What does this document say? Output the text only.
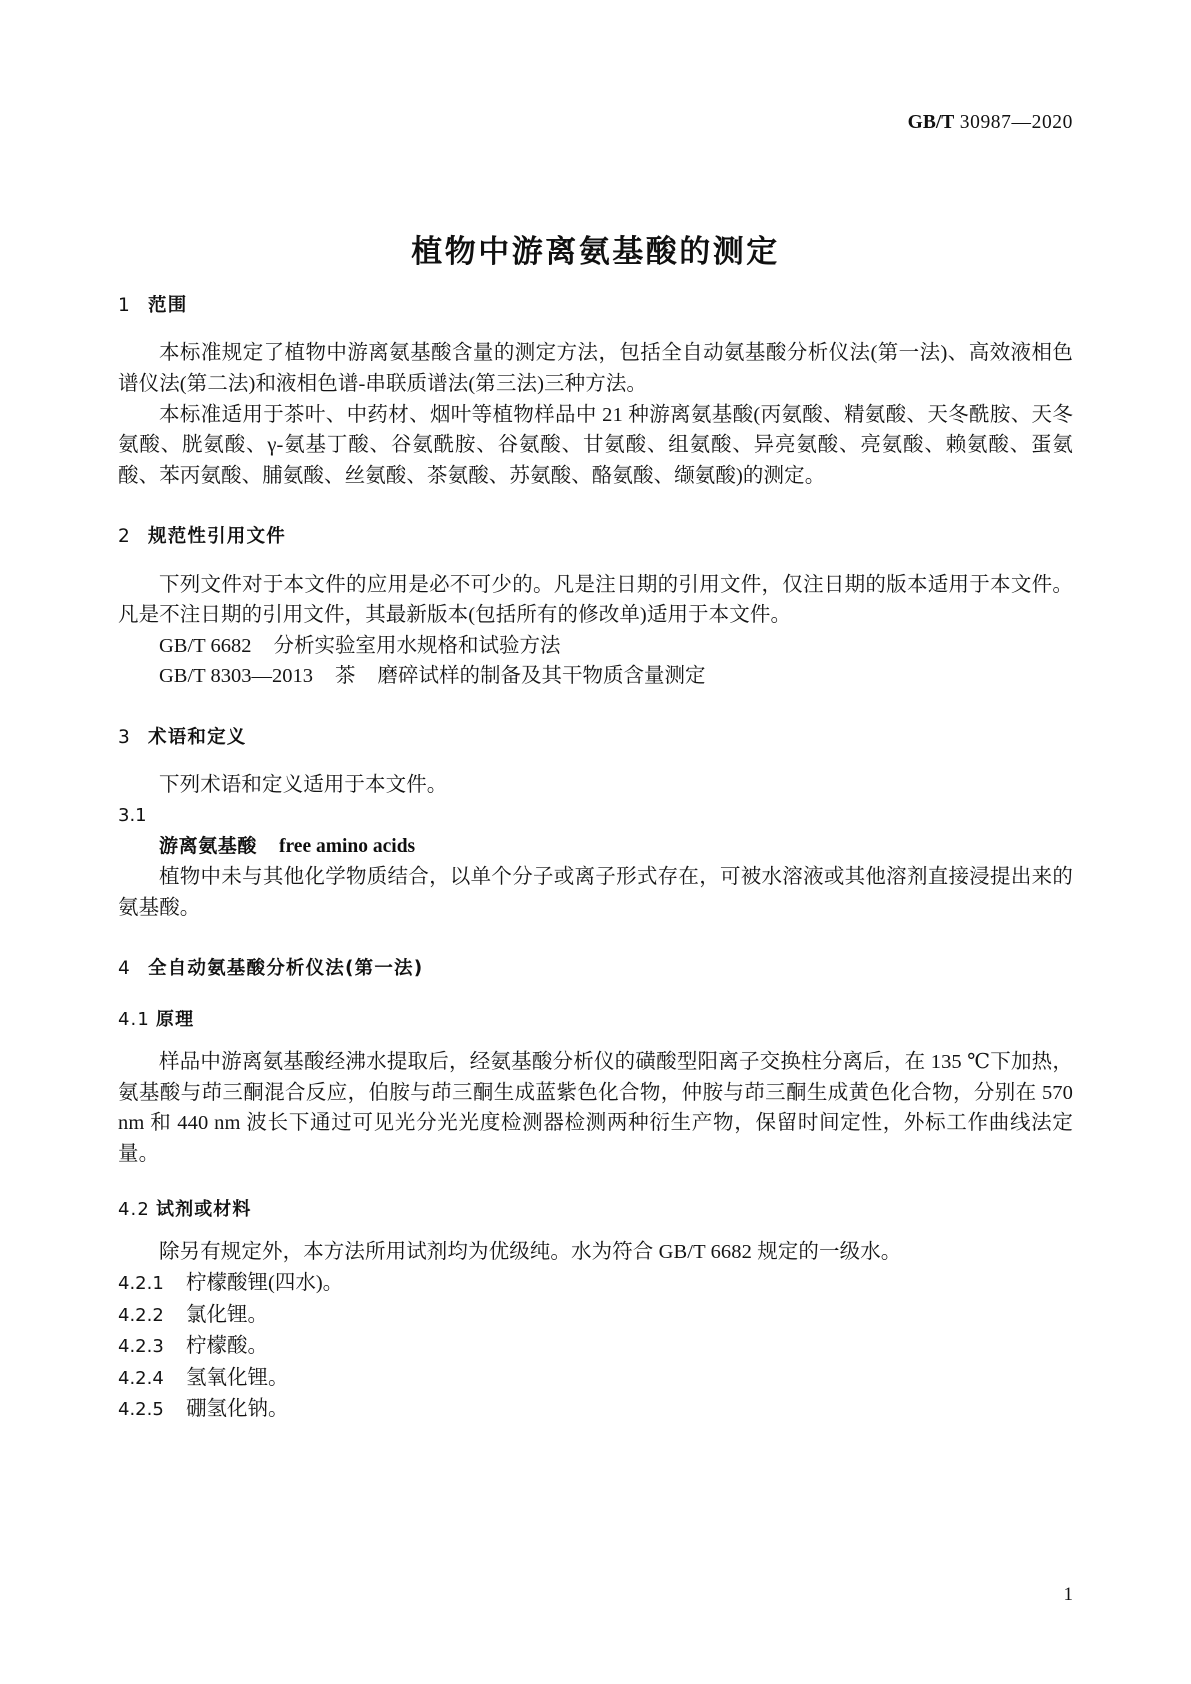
GB/T 30987—2020
植物中游离氨基酸的测定
1 范围

本标准规定了植物中游离氨基酸含量的测定方法，包括全自动氨基酸分析仪法(第一法)、高效液相色谱仪法(第二法)和液相色谱-串联质谱法(第三法)三种方法。

本标准适用于茶叶、中药材、烟叶等植物样品中 21 种游离氨基酸(丙氨酸、精氨酸、天冬酰胺、天冬氨酸、胱氨酸、γ-氨基丁酸、谷氨酰胺、谷氨酸、甘氨酸、组氨酸、异亮氨酸、亮氨酸、赖氨酸、蛋氨酸、苯丙氨酸、脯氨酸、丝氨酸、茶氨酸、苏氨酸、酪氨酸、缬氨酸)的测定。

2 规范性引用文件

下列文件对于本文件的应用是必不可少的。凡是注日期的引用文件，仅注日期的版本适用于本文件。凡是不注日期的引用文件，其最新版本(包括所有的修改单)适用于本文件。

GB/T 6682 分析实验室用水规格和试验方法

GB/T 8303—2013 茶 磨碎试样的制备及其干物质含量测定

3 术语和定义

下列术语和定义适用于本文件。

3.1

游离氨基酸 free amino acids

植物中未与其他化学物质结合，以单个分子或离子形式存在，可被水溶液或其他溶剂直接浸提出来的氨基酸。

4 全自动氨基酸分析仪法(第一法)
4.1 原理

样品中游离氨基酸经沸水提取后，经氨基酸分析仪的磺酸型阳离子交换柱分离后，在 135 ℃下加热，氨基酸与茚三酮混合反应，伯胺与茚三酮生成蓝紫色化合物，仲胺与茚三酮生成黄色化合物，分别在 570 nm 和 440 nm 波长下通过可见光分光光度检测器检测两种衍生产物，保留时间定性，外标工作曲线法定量。

4.2 试剂或材料

除另有规定外，本方法所用试剂均为优级纯。水为符合 GB/T 6682 规定的一级水。

4.2.1 柠檬酸锂(四水)。

4.2.2 氯化锂。

4.2.3 柠檬酸。

4.2.4 氢氧化锂。

4.2.5 硼氢化钠。

1
